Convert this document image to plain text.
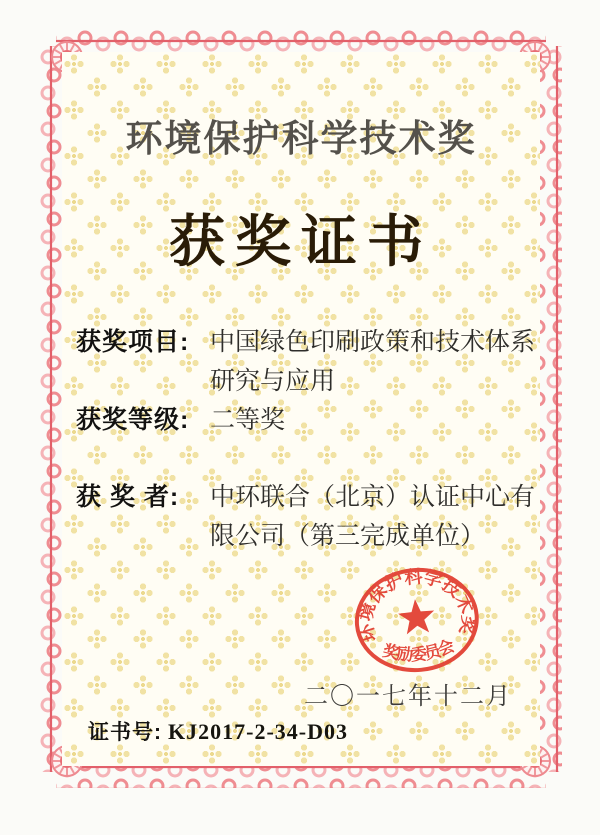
环境保护科学技术奖
获奖证书
获奖项目: 中国绿色印刷政策和技术体系研究与应用
获奖等级: 二等奖
获 奖 者:	中环联合（北京）认证中心有限公司（第三完成单位）
环境保护科学技术奖
奖励委员会
二〇一七年十二月
证书号: KJ2017-2-34-D03
